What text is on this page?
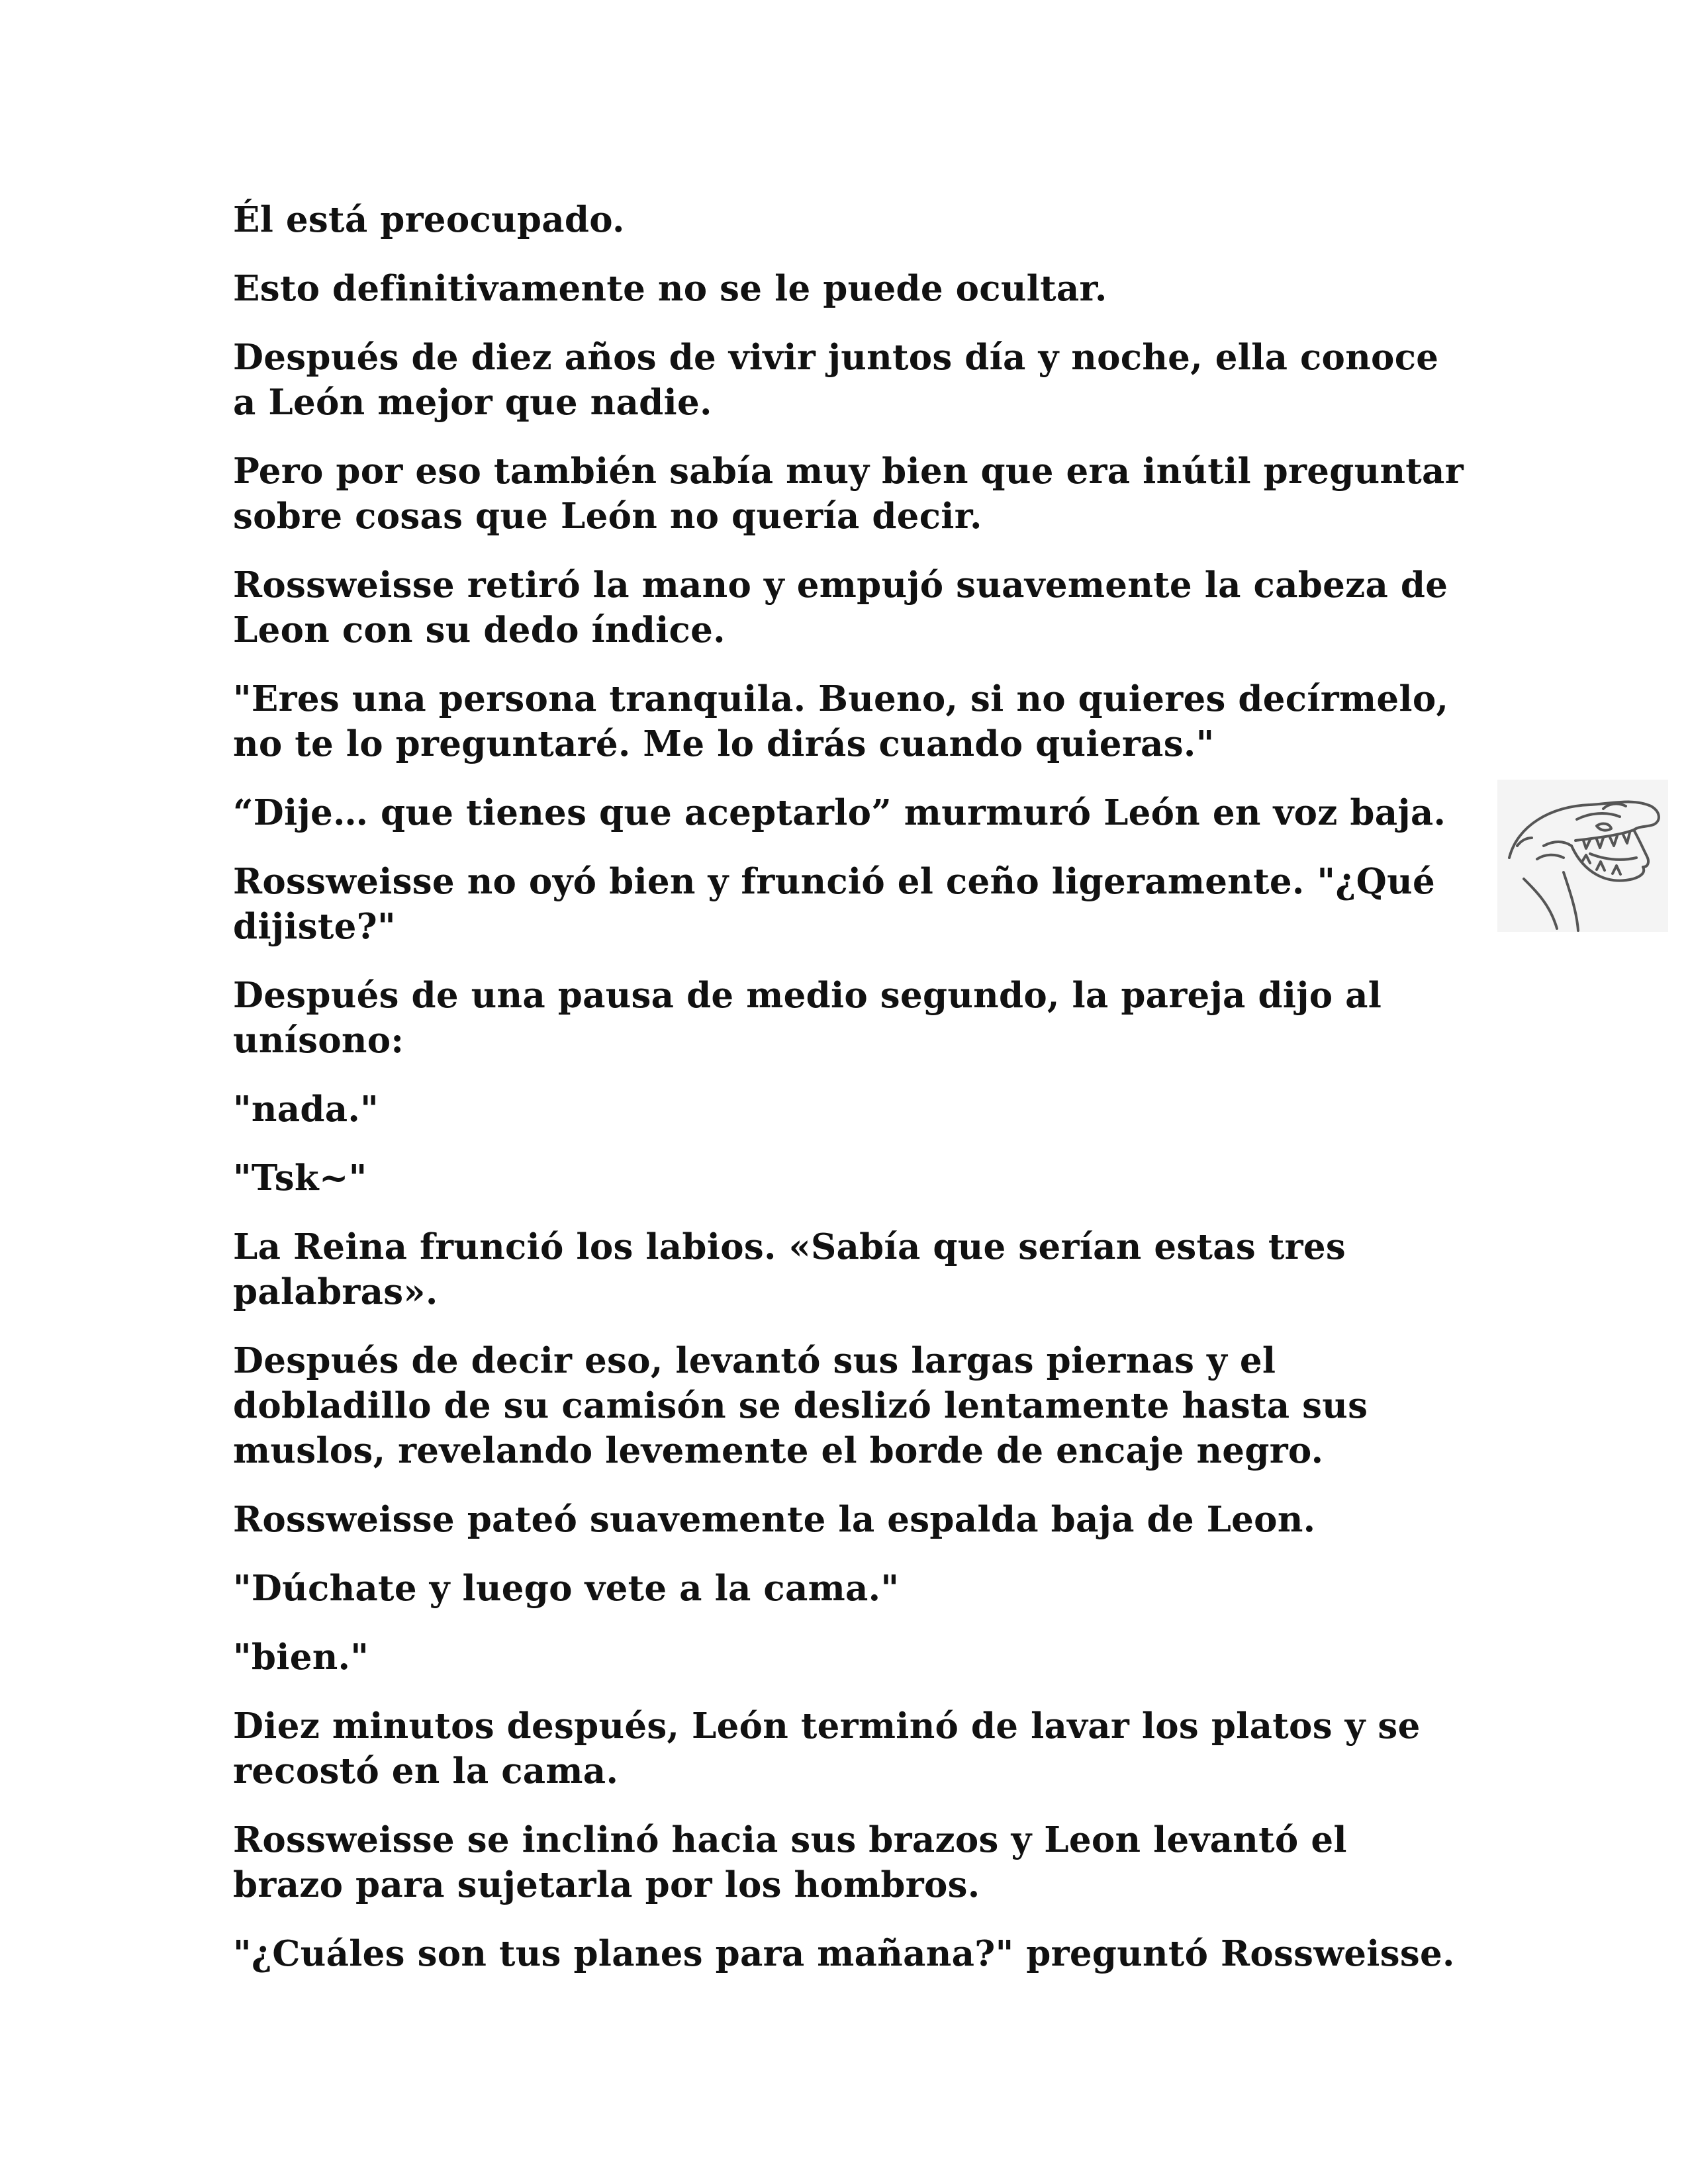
Él está preocupado.

Esto definitivamente no se le puede ocultar.

Después de diez años de vivir juntos día y noche, ella conoce a León mejor que nadie.

Pero por eso también sabía muy bien que era inútil preguntar sobre cosas que León no quería decir.

Rossweisse retiró la mano y empujó suavemente la cabeza de Leon con su dedo índice.

"Eres una persona tranquila. Bueno, si no quieres decírmelo, no te lo preguntaré. Me lo dirás cuando quieras."

“Dije… que tienes que aceptarlo” murmuró León en voz baja.

Rossweisse no oyó bien y frunció el ceño ligeramente. "¿Qué dijiste?"

Después de una pausa de medio segundo, la pareja dijo al unísono:

"nada."

"Tsk~"

La Reina frunció los labios. «Sabía que serían estas tres palabras».

Después de decir eso, levantó sus largas piernas y el dobladillo de su camisón se deslizó lentamente hasta sus muslos, revelando levemente el borde de encaje negro.

Rossweisse pateó suavemente la espalda baja de Leon.

"Dúchate y luego vete a la cama."

"bien."

Diez minutos después, León terminó de lavar los platos y se recostó en la cama.

Rossweisse se inclinó hacia sus brazos y Leon levantó el brazo para sujetarla por los hombros.

"¿Cuáles son tus planes para mañana?" preguntó Rossweisse.
